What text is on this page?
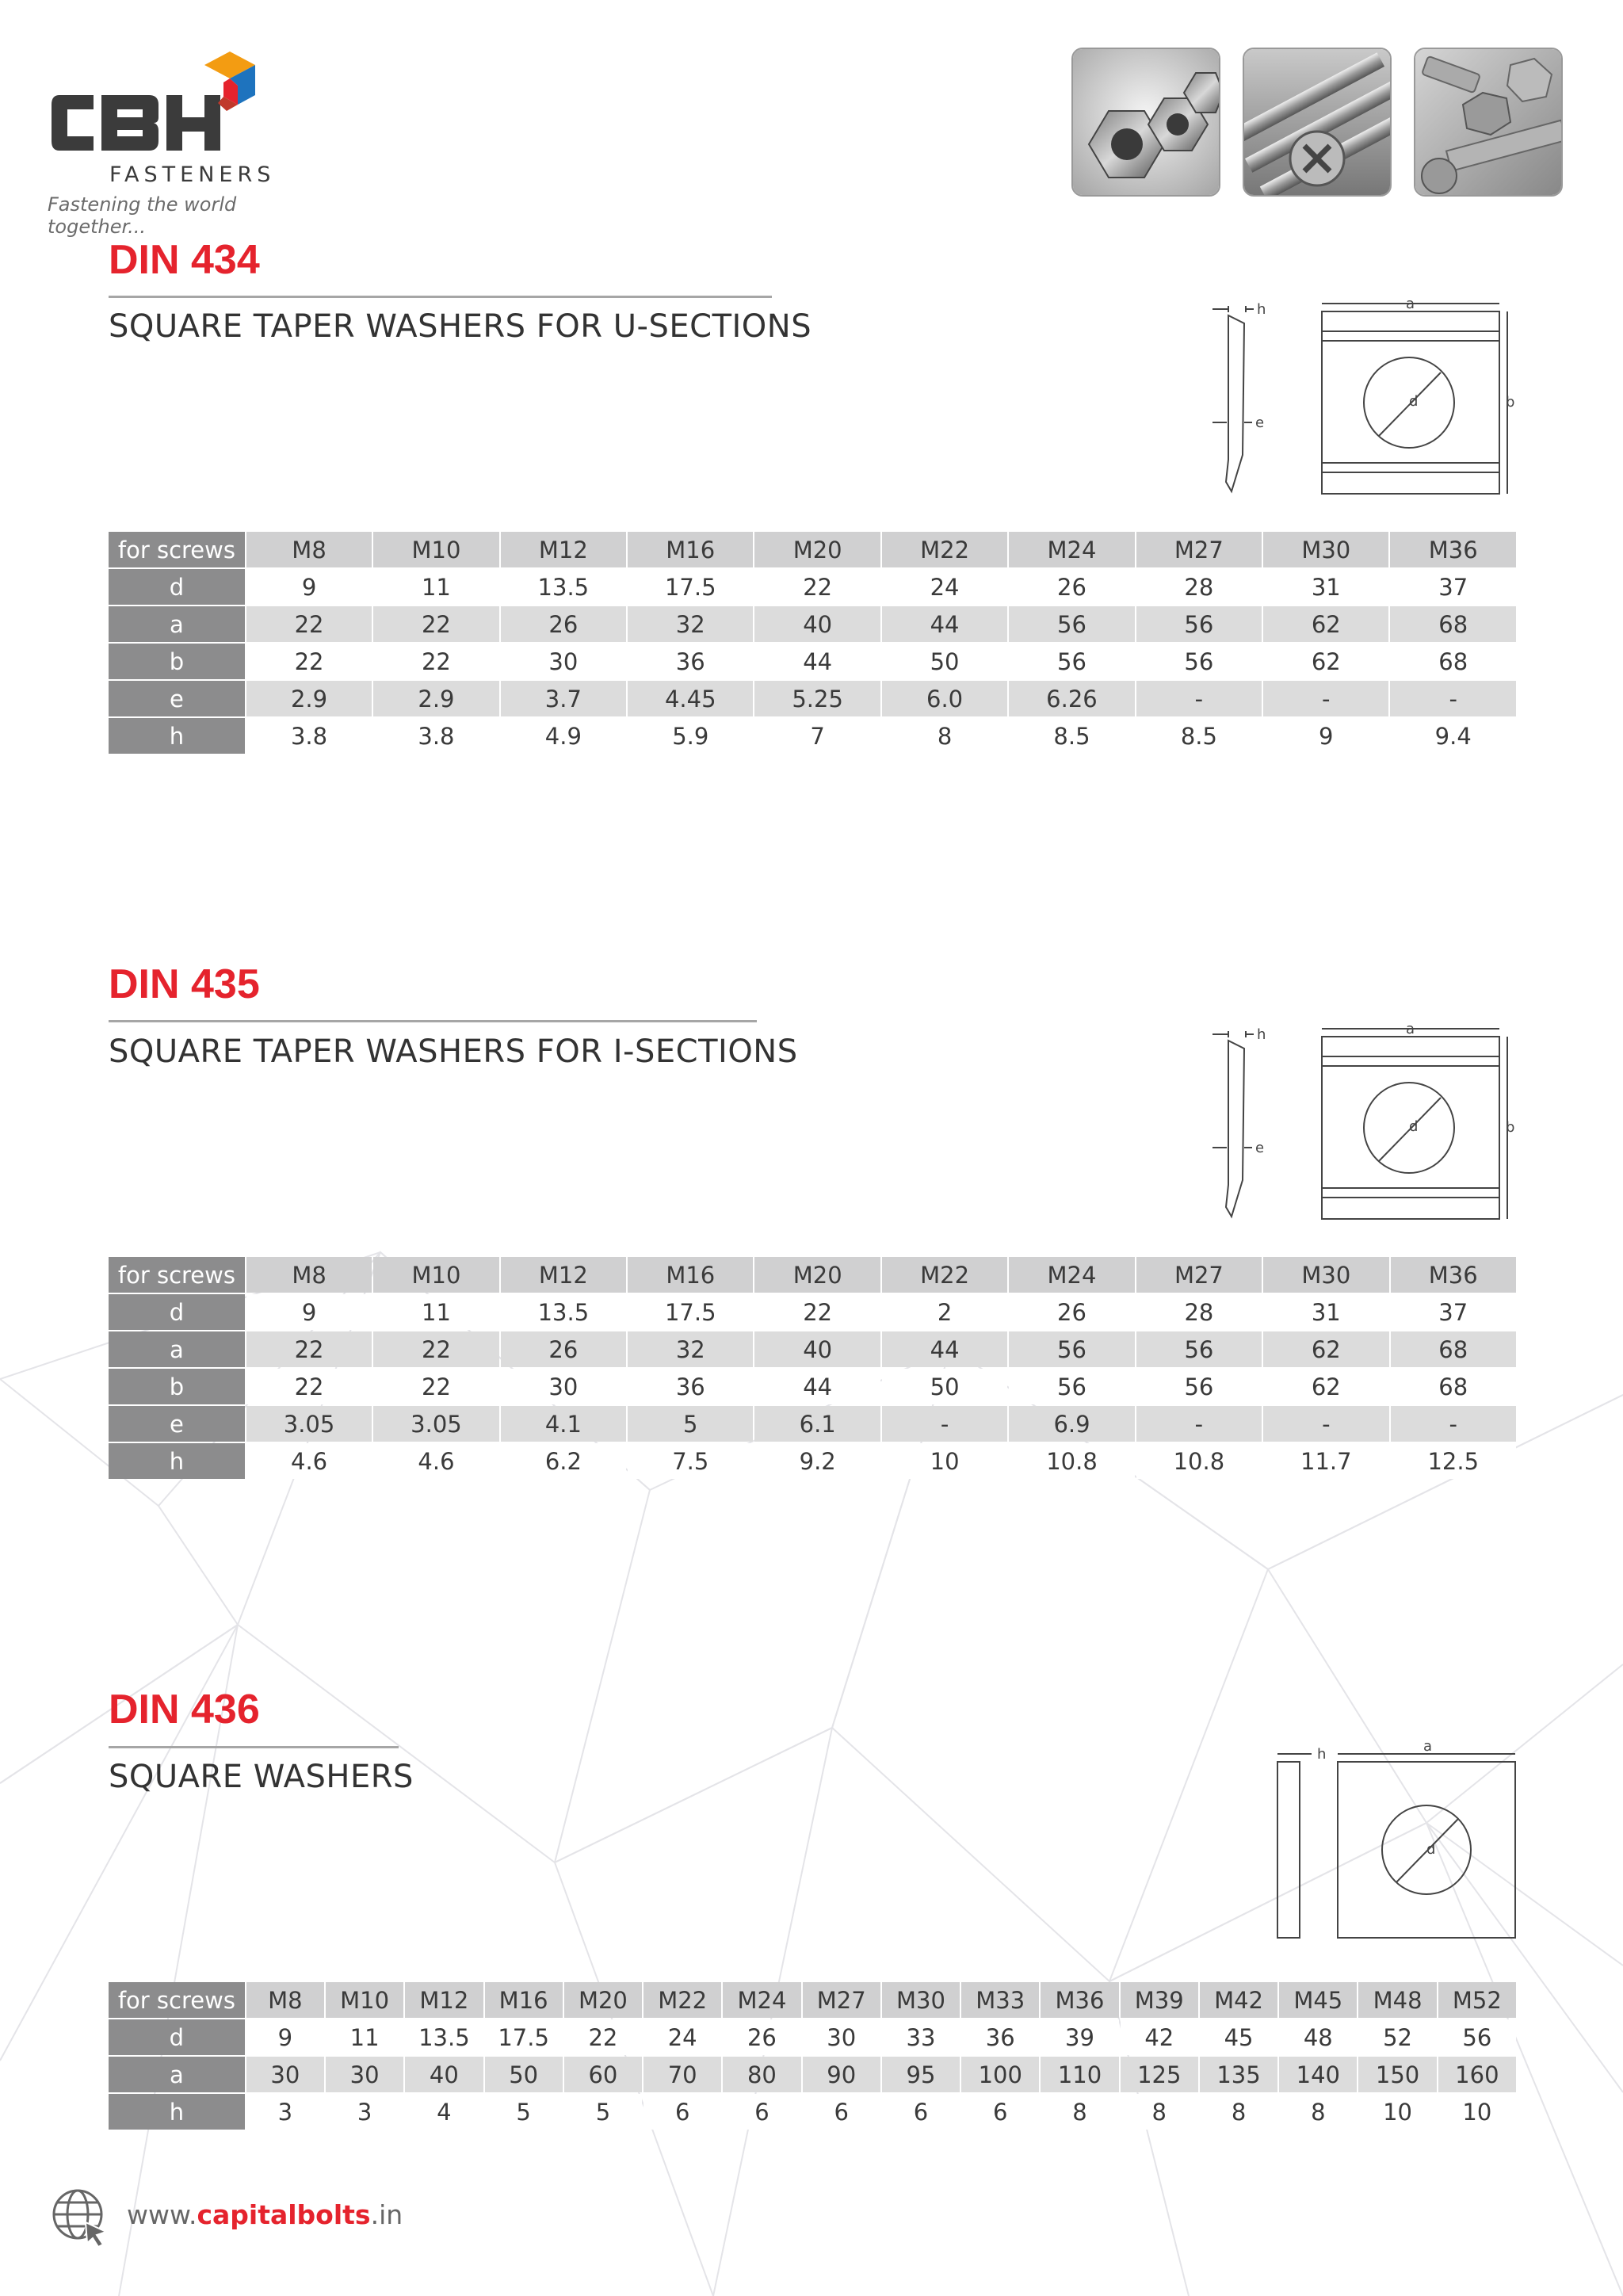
FASTENERS
Fastening the world together...
DIN 434
SQUARE TAPER WASHERS FOR U-SECTIONS	h
e
a
b
d
for screws	M8	M10	M12	M16	M20	M22	M24	M27	M30	M36
d	9	11	13.5	17.5	22	24	26	28	31	37
a	22	22	26	32	40	44	56	56	62	68
b	22	22	30	36	44	50	56	56	62	68
e	2.9	2.9	3.7	4.45	5.25	6.0	6.26	-	-	-
h	3.8	3.8	4.9	5.9	7	8	8.5	8.5	9	9.4
DIN 435
SQUARE TAPER WASHERS FOR I-SECTIONS	h
e
a
b
d
for screws	M8	M10	M12	M16	M20	M22	M24	M27	M30	M36
d	9	11	13.5	17.5	22	2	26	28	31	37
a	22	22	26	32	40	44	56	56	62	68
b	22	22	30	36	44	50	56	56	62	68
e	3.05	3.05	4.1	5	6.1	-	6.9	-	-	-
h	4.6	4.6	6.2	7.5	9.2	10	10.8	10.8	11.7	12.5
DIN 436
SQUARE WASHERS
h	a
d
for screws	M8	M10	M12	M16	M20	M22	M24	M27	M30	M33	M36	M39	M42	M45	M48	M52
d	9	11	13.5	17.5	22	24	26	30	33	36	39	42	45	48	52	56
a	30	30	40	50	60	70	80	90	95	100	110	125	135	140	150	160
h	3	3	4	5	5	6	6	6	6	6	8	8	8	8	10	10
www.capitalbolts.in
